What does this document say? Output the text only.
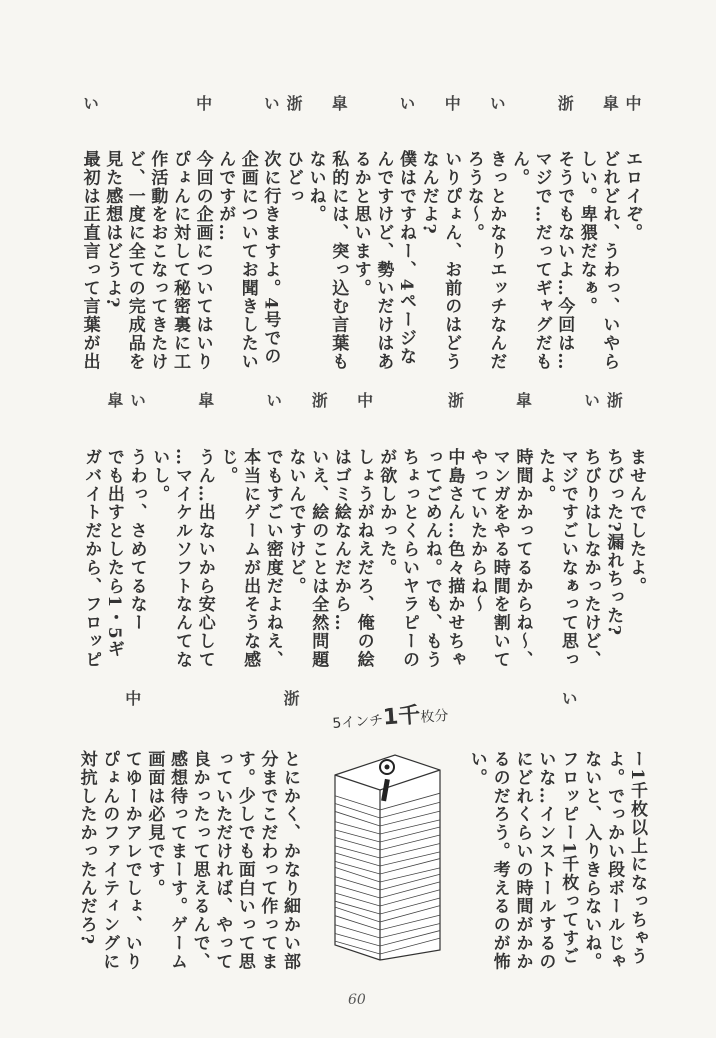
エロイぞ。
どれどれ、うわっ、いやら
しい。卑猥だなぁ。
そうでもないよ…今回は…
マジで…だってギャグだも
ん。
きっとかなりエッチなんだ
ろうな～。
いりぴょん、お前のはどう
なんだよ?
僕はですねー、4ページな
んですけど、勢いだけはあ
るかと思います。
私的には、突っ込む言葉も
ないね。
ひどっ
次に行きますよ。4号での
企画についてお聞きしたい
んですが…
今回の企画についてはいり
ぴょんに対して秘密裏に工
作活動をおこなってきたけ
ど、一度に全ての完成品を
見た感想はどうよ?
最初は正直言って言葉が出
中
皐
浙
い
中
い
皐
浙
い
中
い
ませんでしたよ。
ちびった?漏れちった?
ちびりはしなかったけど、
マジですごいなぁって思っ
たよ。
時間かかってるからね～、
マンガをやる時間を割いて
やっていたからね～
中島さん…色々描かせちゃ
ってごめんね。でも、もう
ちょっとくらいヤラピーの
が欲しかった。
しょうがねえだろ、俺の絵
はゴミ絵なんだから…
いえ、絵のことは全然問題
ないんですけど。
でもすごい密度だよねえ、
本当にゲームが出そうな感
じ。
うん…出ないから安心して
…マイケルソフトなんてな
いし。
うわっ、さめてるなー
でも出すとしたら1・5ギ
ガバイトだから、フロッピ
浙
い
皐
浙
中
浙
い
皐
い
皐
ー1千枚以上になっちゃう
よ。でっかい段ボールじゃ
ないと、入りきらないね。
フロッピー1千枚ってすご
いな…インストールするの
にどれくらいの時間がかか
るのだろう。考えるのが怖
い。
い
とにかく、かなり細かい部
分までこだわって作ってま
す。少しでも面白いって思
っていただければ、やって
良かったって思えるんで、
感想待ってまーす。ゲーム
画面は必見です。
てゆーかアレでしょ、いり
ぴょんのファイティングに
対抗したかったんだろ?
浙
中
5インチ1千枚分
60
